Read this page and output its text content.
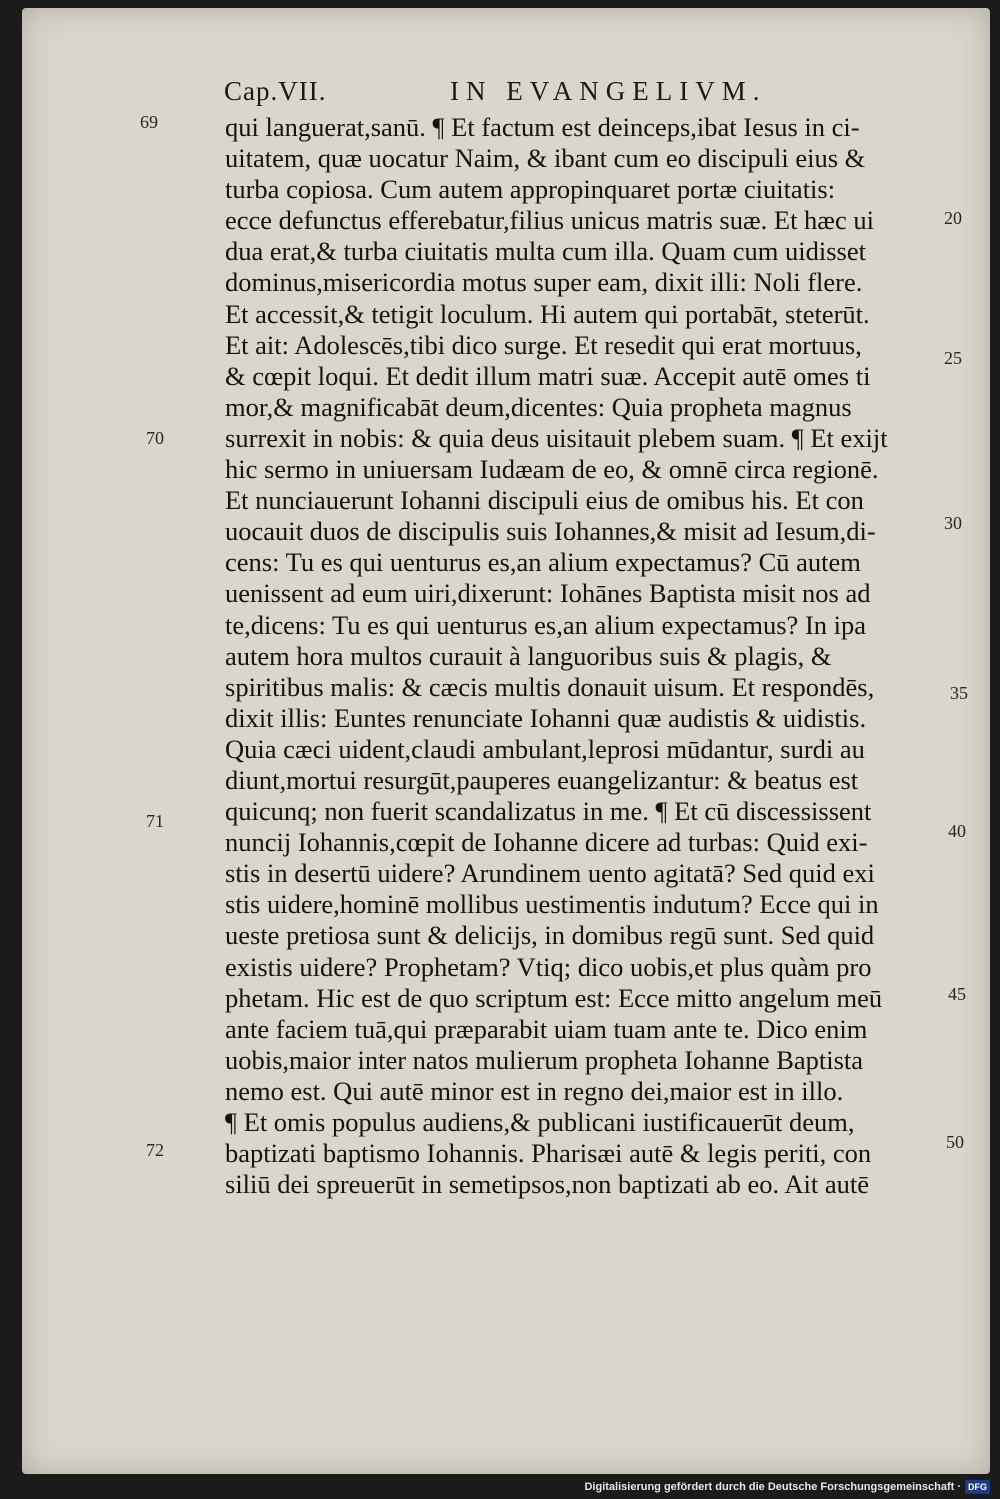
Cap.VII.	IN EVANGELIVM.
qui languerat,sanū. ¶ Et factum est deinceps,ibat Iesus in ci-
uitatem, quæ uocatur Naim, & ibant cum eo discipuli eius &
turba copiosa. Cum autem appropinquaret portæ ciuitatis:
ecce defunctus efferebatur,filius unicus matris suæ. Et hæc ui
dua erat,& turba ciuitatis multa cum illa. Quam cum uidisset
dominus,misericordia motus super eam, dixit illi: Noli flere.
Et accessit,& tetigit loculum. Hi autem qui portabāt, steterūt.
Et ait: Adolescēs,tibi dico surge. Et resedit qui erat mortuus,
& cœpit loqui. Et dedit illum matri suæ. Accepit autē omes ti
mor,& magnificabāt deum,dicentes: Quia propheta magnus
surrexit in nobis: & quia deus uisitauit plebem suam. ¶ Et exijt
hic sermo in uniuersam Iudæam de eo, & omnē circa regionē.
Et nunciauerunt Iohanni discipuli eius de omibus his. Et con
uocauit duos de discipulis suis Iohannes,& misit ad Iesum,di-
cens: Tu es qui uenturus es,an alium expectamus? Cū autem
uenissent ad eum uiri,dixerunt: Iohānes Baptista misit nos ad
te,dicens: Tu es qui uenturus es,an alium expectamus? In ipa
autem hora multos curauit à languoribus suis & plagis, &
spiritibus malis: & cæcis multis donauit uisum. Et respondēs,
dixit illis: Euntes renunciate Iohanni quæ audistis & uidistis.
Quia cæci uident,claudi ambulant,leprosi mūdantur, surdi au
diunt,mortui resurgūt,pauperes euangelizantur: & beatus est
quicunq; non fuerit scandalizatus in me. ¶ Et cū discessissent
nuncij Iohannis,cœpit de Iohanne dicere ad turbas: Quid exi-
stis in desertū uidere? Arundinem uento agitatā? Sed quid exi
stis uidere,hominē mollibus uestimentis indutum? Ecce qui in
ueste pretiosa sunt & delicijs, in domibus regū sunt. Sed quid
existis uidere? Prophetam? Vtiq; dico uobis,et plus quàm pro
phetam. Hic est de quo scriptum est: Ecce mitto angelum meū
ante faciem tuā,qui præparabit uiam tuam ante te. Dico enim
uobis,maior inter natos mulierum propheta Iohanne Baptista
nemo est. Qui autē minor est in regno dei,maior est in illo.
¶ Et omis populus audiens,& publicani iustificauerūt deum,
baptizati baptismo Iohannis. Pharisæi autē & legis periti, con
siliū dei spreuerūt in semetipsos,non baptizati ab eo. Ait autē
69
70
71
72
20
25
30
35
40
45
50
Digitalisierung gefördert durch die Deutsche Forschungsgemeinschaft · DFG
